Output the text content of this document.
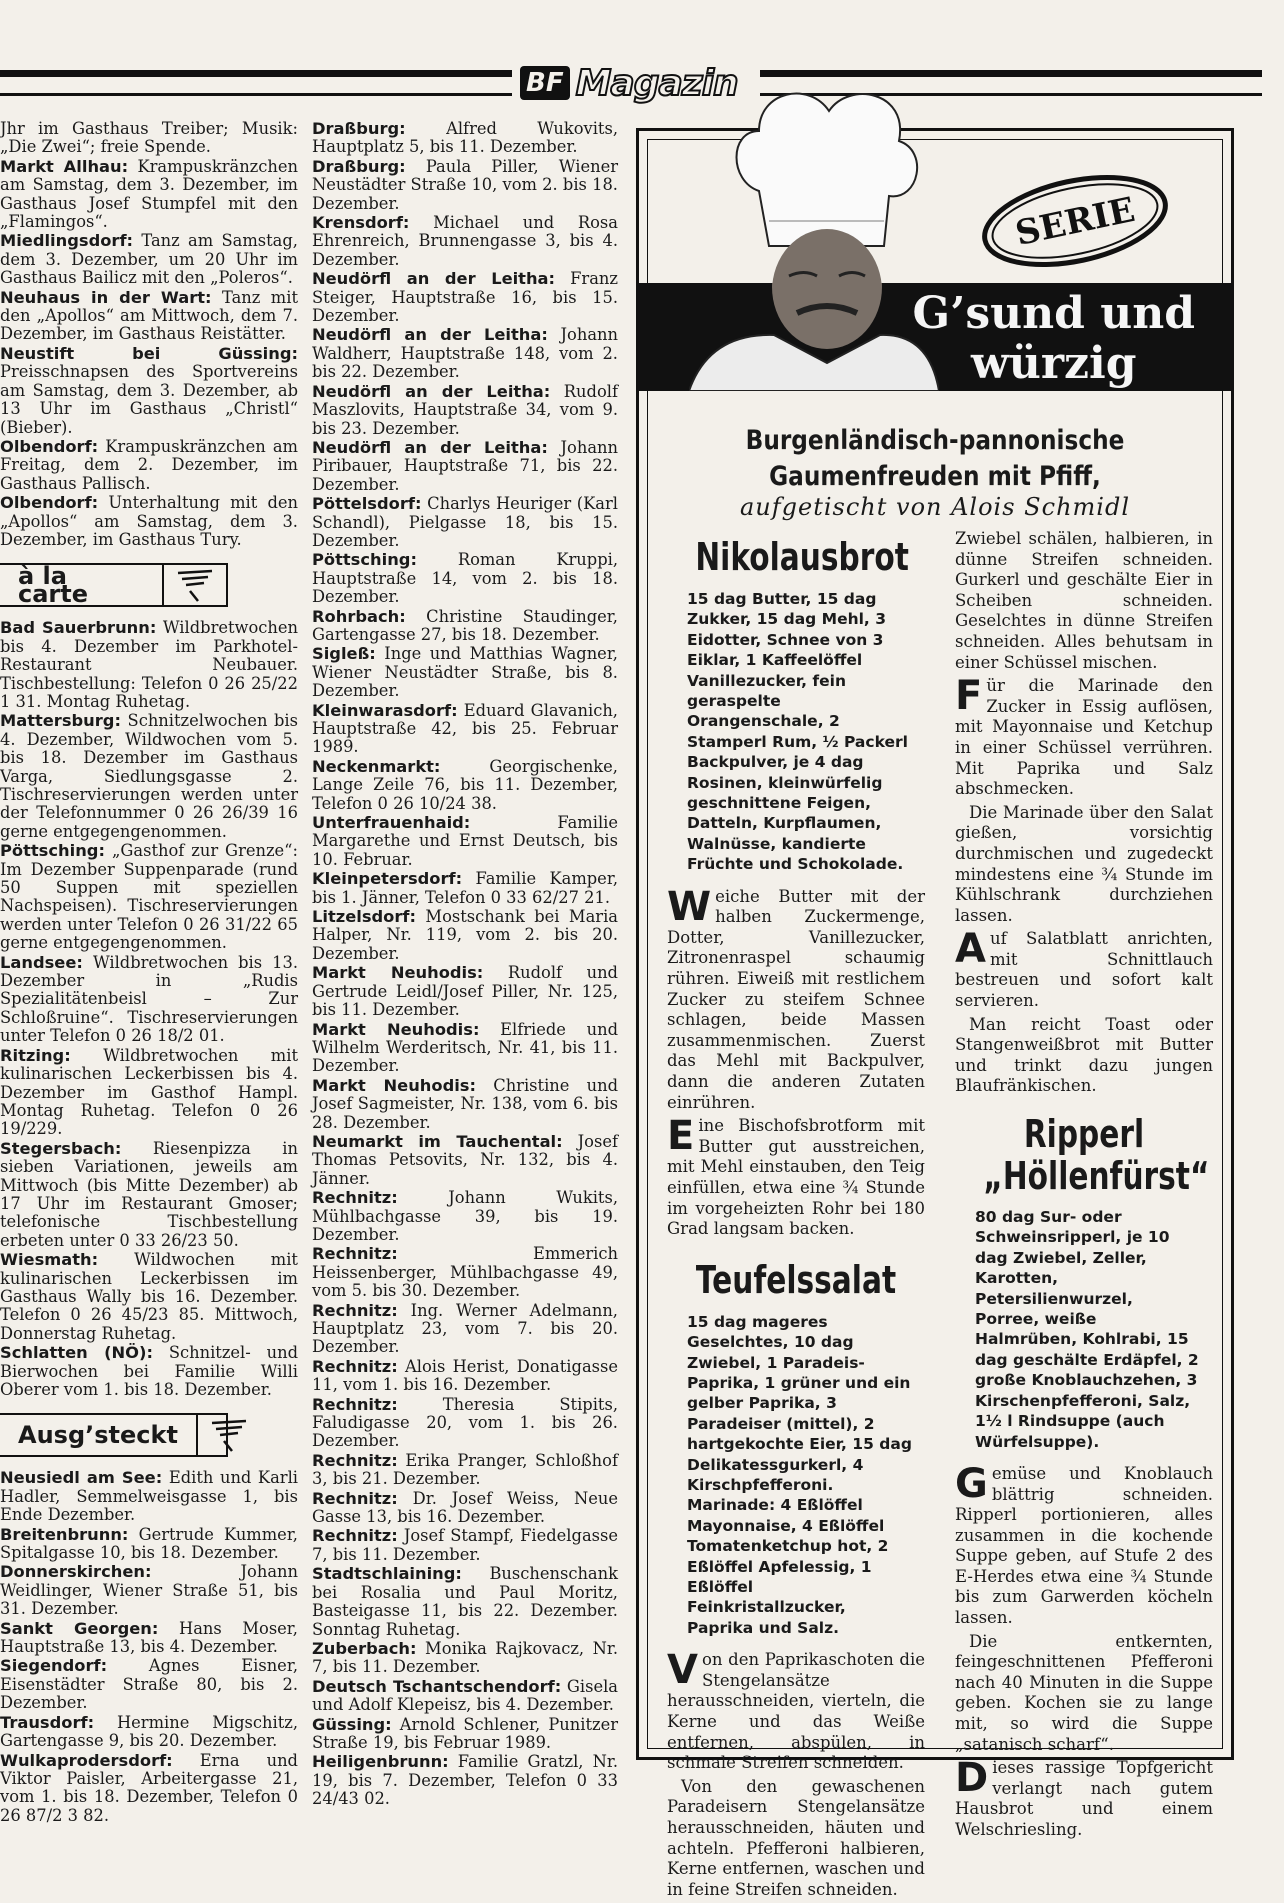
BF Magazin
Jhr im Gasthaus Treiber; Musik: „Die Zwei“; freie Spende.
Markt Allhau: Krampuskränzchen am Samstag, dem 3. Dezember, im Gasthaus Josef Stumpfel mit den „Flamingos“.
Miedlingsdorf: Tanz am Samstag, dem 3. Dezember, um 20 Uhr im Gasthaus Bailicz mit den „Poleros“.
Neuhaus in der Wart: Tanz mit den „Apollos“ am Mittwoch, dem 7. Dezember, im Gasthaus Reistätter.
Neustift bei Güssing: Preisschnapsen des Sportvereins am Samstag, dem 3. Dezember, ab 13 Uhr im Gasthaus „Christl“ (Bieber).
Olbendorf: Krampuskränzchen am Freitag, dem 2. Dezember, im Gasthaus Pallisch.
Olbendorf: Unterhaltung mit den „Apollos“ am Samstag, dem 3. Dezember, im Gasthaus Tury.
à la carte
Bad Sauerbrunn: Wildbretwochen bis 4. Dezember im Parkhotel-Restaurant Neubauer. Tischbestellung: Telefon 0 26 25/22 1 31. Montag Ruhetag.
Mattersburg: Schnitzelwochen bis 4. Dezember, Wildwochen vom 5. bis 18. Dezember im Gasthaus Varga, Siedlungsgasse 2. Tischreservierungen werden unter der Telefonnummer 0 26 26/39 16 gerne entgegengenommen.
Pöttsching: „Gasthof zur Grenze“: Im Dezember Suppenparade (rund 50 Suppen mit speziellen Nachspeisen). Tischreservierungen werden unter Telefon 0 26 31/22 65 gerne entgegengenommen.
Landsee: Wildbretwochen bis 13. Dezember in „Rudis Spezialitätenbeisl – Zur Schloßruine“. Tischreservierungen unter Telefon 0 26 18/2 01.
Ritzing: Wildbretwochen mit kulinarischen Leckerbissen bis 4. Dezember im Gasthof Hampl. Montag Ruhetag. Telefon 0 26 19/229.
Stegersbach: Riesenpizza in sieben Variationen, jeweils am Mittwoch (bis Mitte Dezember) ab 17 Uhr im Restaurant Gmoser; telefonische Tischbestellung erbeten unter 0 33 26/23 50.
Wiesmath: Wildwochen mit kulinarischen Leckerbissen im Gasthaus Wally bis 16. Dezember. Telefon 0 26 45/23 85. Mittwoch, Donnerstag Ruhetag.
Schlatten (NÖ): Schnitzel- und Bierwochen bei Familie Willi Oberer vom 1. bis 18. Dezember.
Ausg’steckt
Neusiedl am See: Edith und Karli Hadler, Semmelweisgasse 1, bis Ende Dezember.
Breitenbrunn: Gertrude Kummer, Spitalgasse 10, bis 18. Dezember.
Donnerskirchen:	Johann Weidlinger, Wiener Straße 51, bis 31. Dezember.
Sankt Georgen: Hans Moser, Hauptstraße 13, bis 4. Dezember.
Siegendorf:	Agnes Eisner, Eisenstädter Straße 80, bis 2. Dezember.
Trausdorf: Hermine Migschitz, Gartengasse 9, bis 20. Dezember.
Wulkaprodersdorf: Erna und Viktor Paisler, Arbeitergasse 21, vom 1. bis 18. Dezember, Telefon 0 26 87/2 3 82.
Draßburg: Alfred Wukovits, Hauptplatz 5, bis 11. Dezember.
Draßburg: Paula Piller, Wiener Neustädter Straße 10, vom 2. bis 18. Dezember.
Krensdorf: Michael und Rosa Ehrenreich, Brunnengasse 3, bis 4. Dezember.
Neudörfl an der Leitha: Franz Steiger, Hauptstraße 16, bis 15. Dezember.
Neudörfl an der Leitha: Johann Waldherr, Hauptstraße 148, vom 2. bis 22. Dezember.
Neudörfl an der Leitha: Rudolf Maszlovits, Hauptstraße 34, vom 9. bis 23. Dezember.
Neudörfl an der Leitha: Johann Piribauer, Hauptstraße 71, bis 22. Dezember.
Pöttelsdorf: Charlys Heuriger (Karl Schandl), Pielgasse 18, bis 15. Dezember.
Pöttsching:	Roman Kruppi, Hauptstraße 14, vom 2. bis 18. Dezember.
Rohrbach: Christine Staudinger, Gartengasse 27, bis 18. Dezember.
Sigleß: Inge und Matthias Wagner, Wiener Neustädter Straße, bis 8. Dezember.
Kleinwarasdorf: Eduard Glavanich, Hauptstraße 42, bis 25. Februar 1989.
Neckenmarkt:	Georgischenke, Lange Zeile 76, bis 11. Dezember, Telefon 0 26 10/24 38.
Unterfrauenhaid:	Familie Margarethe und Ernst Deutsch, bis 10. Februar.
Kleinpetersdorf: Familie Kamper, bis 1. Jänner, Telefon 0 33 62/27 21.
Litzelsdorf: Mostschank bei Maria Halper, Nr. 119, vom 2. bis 20. Dezember.
Markt Neuhodis: Rudolf und Gertrude Leidl/Josef Piller, Nr. 125, bis 11. Dezember.
Markt Neuhodis: Elfriede und Wilhelm Werderitsch, Nr. 41, bis 11. Dezember.
Markt Neuhodis: Christine und Josef Sagmeister, Nr. 138, vom 6. bis 28. Dezember.
Neumarkt im Tauchental: Josef Thomas Petsovits, Nr. 132, bis 4. Jänner.
Rechnitz:	Johann Wukits, Mühlbachgasse 39, bis 19. Dezember.
Rechnitz:	Emmerich Heissenberger, Mühlbachgasse 49, vom 5. bis 30. Dezember.
Rechnitz: Ing. Werner Adelmann, Hauptplatz 23, vom 7. bis 20. Dezember.
Rechnitz: Alois Herist, Donatigasse 11, vom 1. bis 16. Dezember.
Rechnitz:	Theresia Stipits, Faludigasse 20, vom 1. bis 26. Dezember.
Rechnitz: Erika Pranger, Schloßhof 3, bis 21. Dezember.
Rechnitz: Dr. Josef Weiss, Neue Gasse 13, bis 16. Dezember.
Rechnitz: Josef Stampf, Fiedelgasse 7, bis 11. Dezember.
Stadtschlaining: Buschenschank bei Rosalia und Paul Moritz, Basteigasse 11, bis 22. Dezember. Sonntag Ruhetag.
Zuberbach: Monika Rajkovacz, Nr. 7, bis 11. Dezember.
Deutsch Tschantschendorf: Gisela und Adolf Klepeisz, bis 4. Dezember.
Güssing: Arnold Schlener, Punitzer Straße 19, bis Februar 1989.
Heiligenbrunn: Familie Gratzl, Nr. 19, bis 7. Dezember, Telefon 0 33 24/43 02.
SERIE
G’sund und
würzig
Burgenländisch-pannonische
Gaumenfreuden mit Pfiff,
aufgetischt von Alois Schmidl
Nikolausbrot
15 dag Butter, 15 dag Zukker, 15 dag Mehl, 3 Eidotter, Schnee von 3 Eiklar, 1 Kaffeelöffel Vanillezucker, fein geraspelte Orangenschale, 2 Stamperl Rum, ½ Packerl Backpulver, je 4 dag Rosinen, kleinwürfelig geschnittene Feigen, Datteln, Kurpflaumen, Walnüsse, kandierte Früchte und Schokolade.

Weiche Butter mit der halben Zuckermenge, Dotter, Vanillezucker, Zitronenraspel schaumig rühren. Eiweiß mit restlichem Zucker zu steifem Schnee schlagen, beide Massen zusammenmischen. Zuerst das Mehl mit Backpulver, dann die anderen Zutaten einrühren.

Eine Bischofsbrotform mit Butter gut ausstreichen, mit Mehl einstauben, den Teig einfüllen, etwa eine ¾ Stunde im vorgeheizten Rohr bei 180 Grad langsam backen.

Teufelssalat
15 dag mageres Geselchtes, 10 dag Zwiebel, 1 Paradeis-Paprika, 1 grüner und ein gelber Paprika, 3 Paradeiser (mittel), 2 hartgekochte Eier, 15 dag Delikatessgurkerl, 4 Kirschpfefferoni. Marinade: 4 Eßlöffel Mayonnaise, 4 Eßlöffel Tomatenketchup hot, 2 Eßlöffel Apfelessig, 1 Eßlöffel Feinkristallzucker, Paprika und Salz.

Von den Paprikaschoten die Stengelansätze herausschneiden, vierteln, die Kerne und das Weiße entfernen, abspülen, in schmale Streifen schneiden.

Von den gewaschenen Paradeisern Stengelansätze herausschneiden, häuten und achteln. Pfefferoni halbieren, Kerne entfernen, waschen und in feine Streifen schneiden.

Zwiebel schälen, halbieren, in dünne Streifen schneiden. Gurkerl und geschälte Eier in Scheiben schneiden. Geselchtes in dünne Streifen schneiden. Alles behutsam in einer Schüssel mischen.

Für die Marinade den Zucker in Essig auflösen, mit Mayonnaise und Ketchup in einer Schüssel verrühren. Mit Paprika und Salz abschmecken.

Die Marinade über den Salat gießen, vorsichtig durchmischen und zugedeckt mindestens eine ¾ Stunde im Kühlschrank durchziehen lassen.

Auf Salatblatt anrichten, mit Schnittlauch bestreuen und sofort kalt servieren.

Man reicht Toast oder Stangenweißbrot mit Butter und trinkt dazu jungen Blaufränkischen.

Ripperl
„Höllenfürst“
80 dag Sur- oder Schweinsripperl, je 10 dag Zwiebel, Zeller, Karotten, Petersilienwurzel, Porree, weiße Halmrüben, Kohlrabi, 15 dag geschälte Erdäpfel, 2 große Knoblauchzehen, 3 Kirschenpfefferoni, Salz, 1½ l Rindsuppe (auch Würfelsuppe).

Gemüse und Knoblauch blättrig schneiden. Ripperl portionieren, alles zusammen in die kochende Suppe geben, auf Stufe 2 des E-Herdes etwa eine ¾ Stunde bis zum Garwerden köcheln lassen.

Die entkernten, feingeschnittenen Pfefferoni nach 40 Minuten in die Suppe geben. Kochen sie zu lange mit, so wird die Suppe „satanisch scharf“.

Dieses rassige Topfgericht verlangt nach gutem Hausbrot und einem Welschriesling.
